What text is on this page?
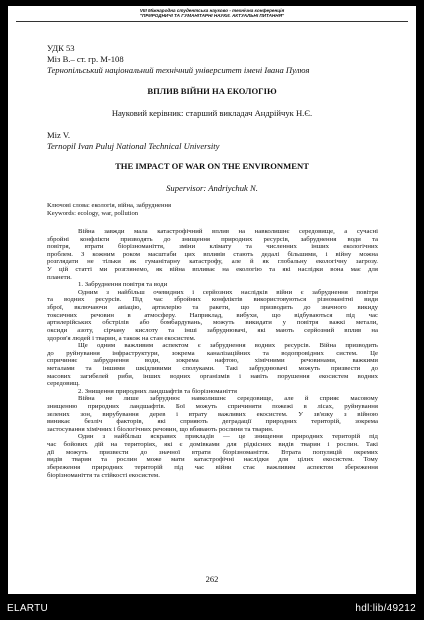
VIII Міжнародна студентська науково - технічна конференція
"ПРИРОДНИЧІ ТА ГУМАНІТАРНІ НАУКИ. АКТУАЛЬНІ ПИТАННЯ"
УДК 53
Міз В.– ст. гр. М-108
Тернопільський національний технічний університет імені Івана Пулюя
ВПЛИВ ВІЙНИ НА ЕКОЛОГІЮ
Науковий керівник: старший викладач Андрійчук Н.Є.
Miz V.
Ternopil Ivan Puluj National Technical University
THE IMPACT OF WAR ON THE ENVIRONMENT
Supervisor: Andriychuk N.
Ключові слова: екологія, війна, забруднення
Keywords: ecology, war, pollution

Війна завжди мала катастрофічний вплив на навколишнє середовище, а сучасні

збройні конфлікти призводять до знищення природних ресурсів, забруднення води та

повітря, втрати біорізноманіття, зміни клімату та численних інших екологічних

проблем. З кожним роком масштаби цих впливів стають дедалі більшими, і війну можна

розглядати не тільки як гуманітарну катастрофу, але й як глобальну екологічну загрозу.

У цій статті ми розглянемо, як війна впливає на екологію та які наслідки вона має для

планети.

1. Забруднення повітря та води

Одним з найбільш очевидних і серйозних наслідків війни є забруднення повітря

та водних ресурсів. Під час збройних конфліктів використовуються різноманітні види

зброї, включаючи авіацію, артилерію та ракети, що призводить до значного викиду

токсичних речовин в атмосферу. Наприклад, вибухи, що відбуваються під час

артилерійських обстрілів або бомбардувань, можуть викидати у повітря важкі метали,

оксиди азоту, сірчану кислоту та інші забруднювачі, які мають серйозний вплив на

здоров'я людей і тварин, а також на стан екосистем.

Ще одним важливим аспектом є забруднення водних ресурсів. Війна призводить

до руйнування інфраструктури, зокрема каналізаційних та водопровідних систем. Це

спричиняє забруднення води, зокрема нафтою, хімічними речовинами, важкими

металами та іншими шкідливими сполуками. Такі забруднювачі можуть призвести до

масових загибелей риби, інших водних організмів і навіть порушення екосистем водних

середовищ.

2. Знищення природних ландшафтів та біорізноманіття

Війна не лише забруднює навколишнє середовище, але й сприяє масовому

знищенню природних ландшафтів. Бої можуть спричиняти пожежі в лісах, руйнування

зелених зон, вирубування дерев і втрату важливих екосистем. У зв'язку з війною

виникає безліч факторів, які сприяють деградації природних територій, зокрема

застосування хімічних і біологічних речовин, що вбивають рослини та тварин.

Один з найбільш яскравих прикладів — це знищення природних територій під

час бойових дій на територіях, які є домівками для рідкісних видів тварин і рослин. Такі

дії можуть призвести до значної втрати біорізноманіття. Втрата популяцій окремих

видів тварин та рослин може мати катастрофічні наслідки для цілих екосистем. Тому

збереження природних територій під час війни стає важливим аспектом збереження

біорізноманіття та стійкості екосистем.

262
ELARTU	hdl:lib/49212
